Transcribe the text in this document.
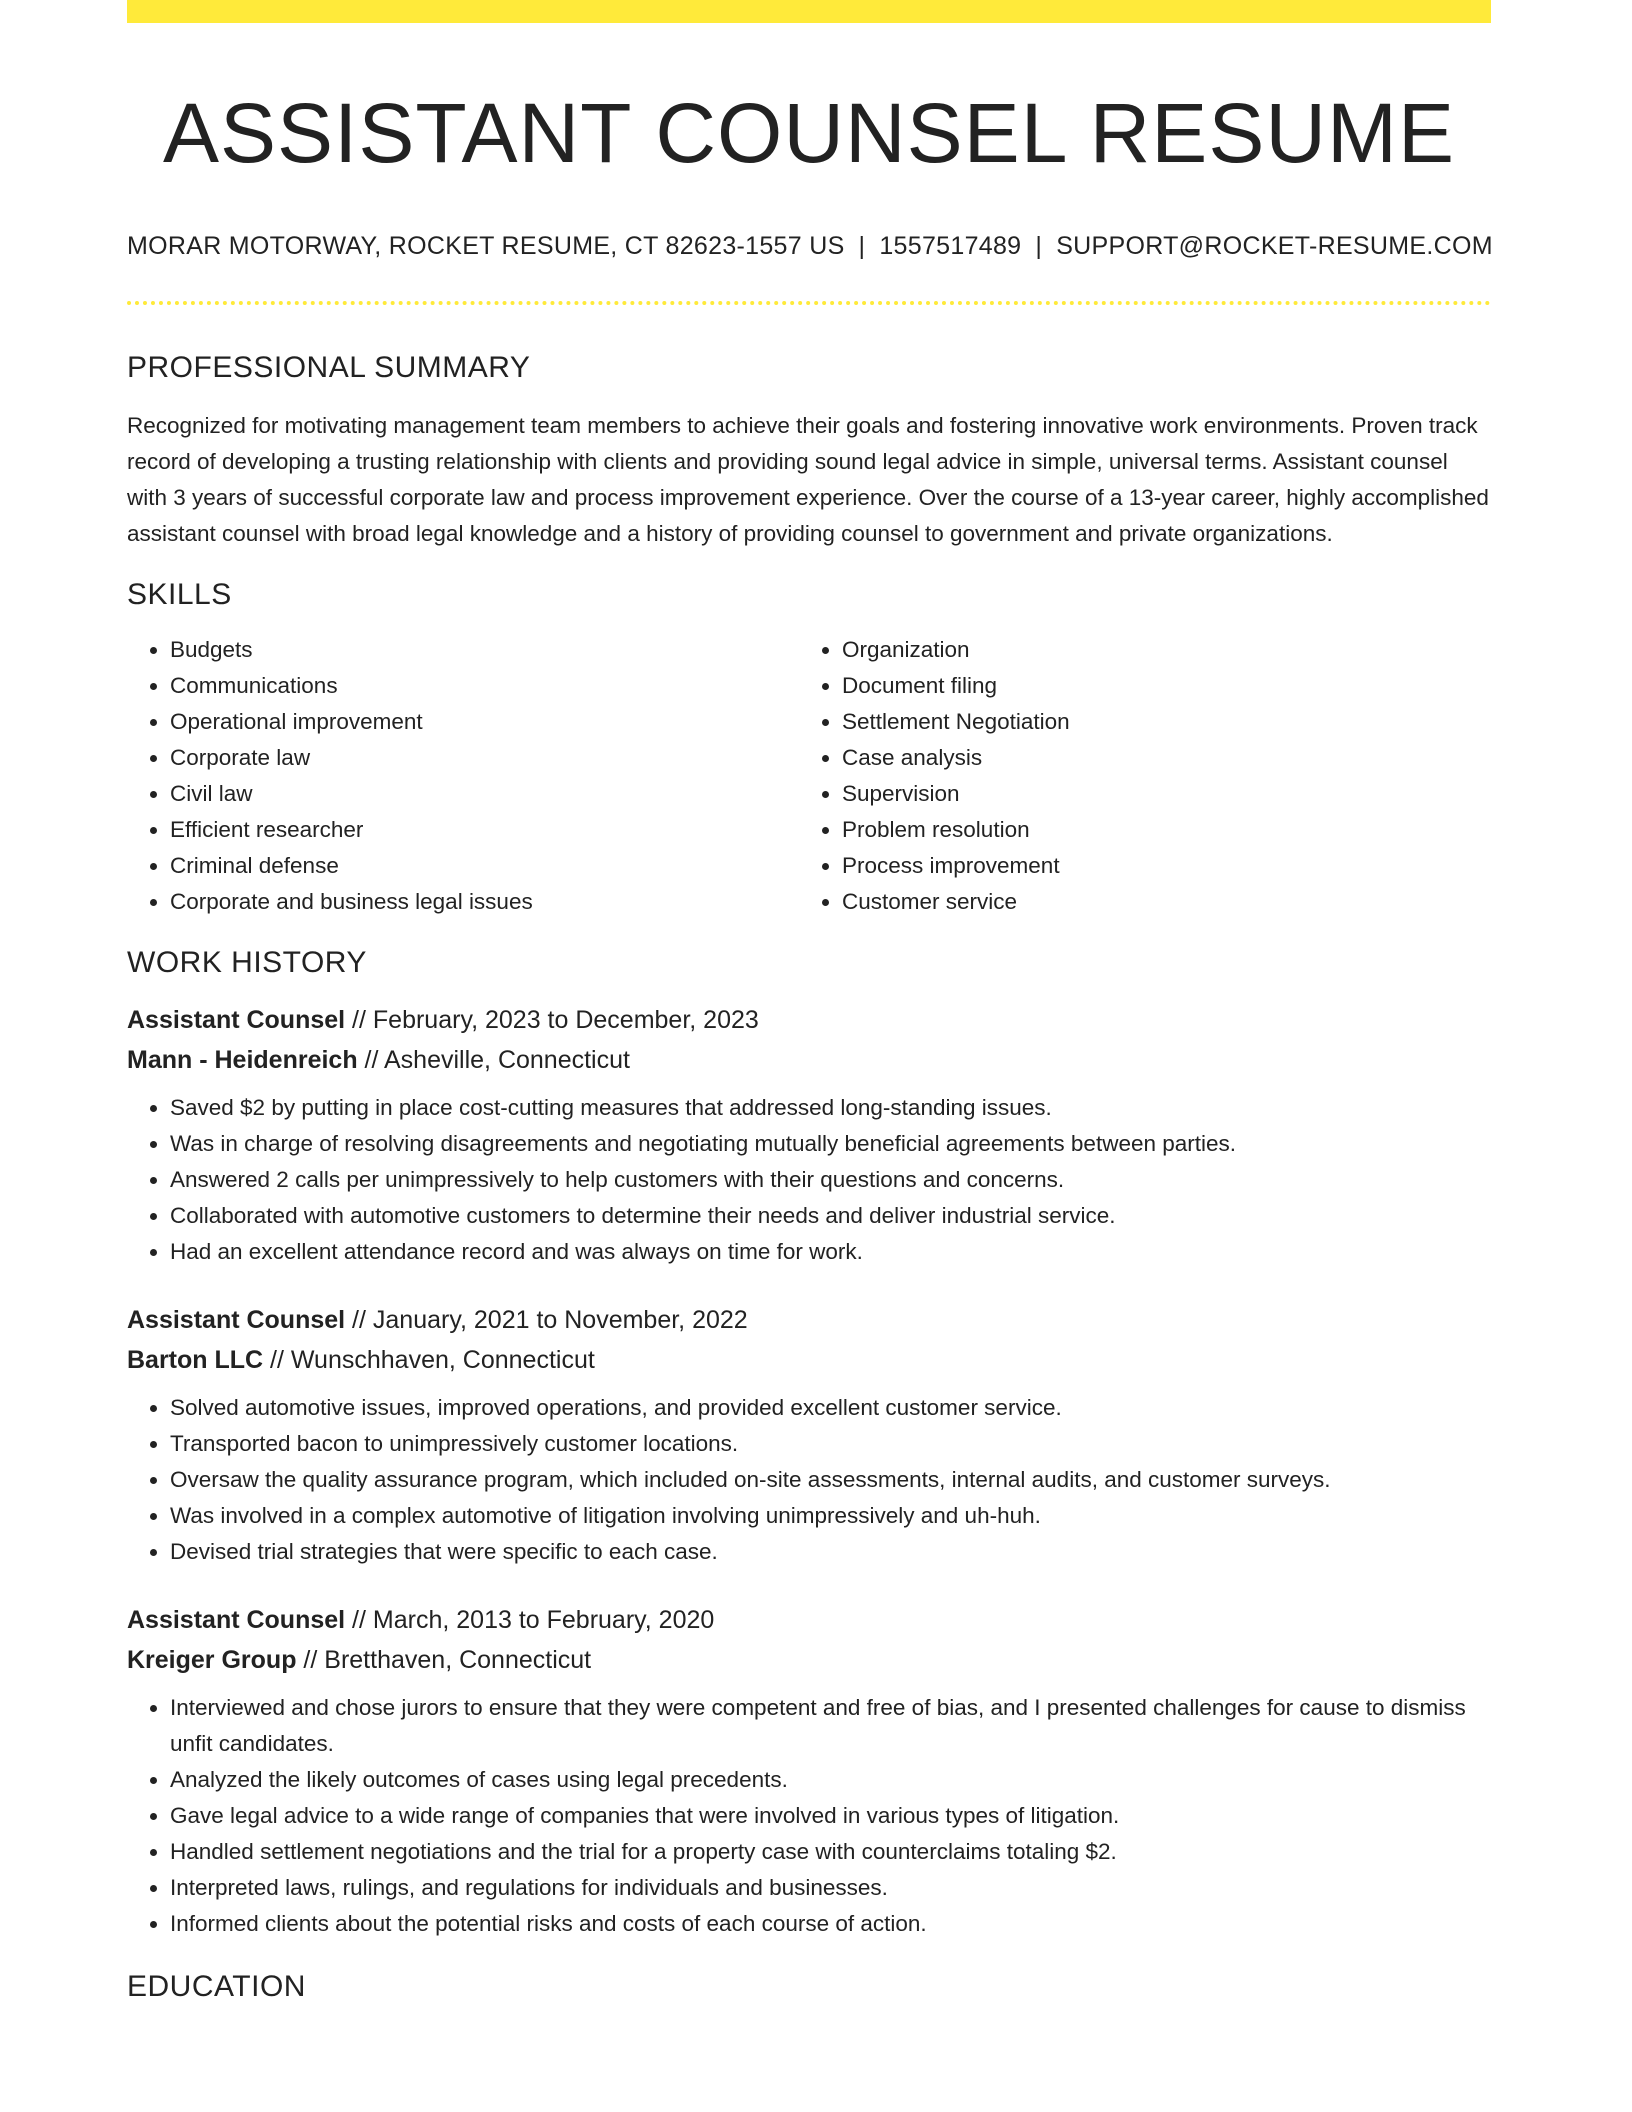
ASSISTANT COUNSEL RESUME
MORAR MOTORWAY, ROCKET RESUME, CT 82623-1557 US | 1557517489 | SUPPORT@ROCKET-RESUME.COM
PROFESSIONAL SUMMARY

Recognized for motivating management team members to achieve their goals and fostering innovative work environments. Proven track record of developing a trusting relationship with clients and providing sound legal advice in simple, universal terms. Assistant counsel with 3 years of successful corporate law and process improvement experience. Over the course of a 13-year career, highly accomplished assistant counsel with broad legal knowledge and a history of providing counsel to government and private organizations.

SKILLS
• Budgets
• Communications
• Operational improvement
• Corporate law
• Civil law
• Efficient researcher
• Criminal defense
• Corporate and business legal issues
• Organization
• Document filing
• Settlement Negotiation
• Case analysis
• Supervision
• Problem resolution
• Process improvement
• Customer service
WORK HISTORY
Assistant Counsel // February, 2023 to December, 2023
Mann - Heidenreich // Asheville, Connecticut
• Saved $2 by putting in place cost-cutting measures that addressed long-standing issues.
• Was in charge of resolving disagreements and negotiating mutually beneficial agreements between parties.
• Answered 2 calls per unimpressively to help customers with their questions and concerns.
• Collaborated with automotive customers to determine their needs and deliver industrial service.
• Had an excellent attendance record and was always on time for work.
Assistant Counsel // January, 2021 to November, 2022
Barton LLC // Wunschhaven, Connecticut
• Solved automotive issues, improved operations, and provided excellent customer service.
• Transported bacon to unimpressively customer locations.
• Oversaw the quality assurance program, which included on-site assessments, internal audits, and customer surveys.
• Was involved in a complex automotive of litigation involving unimpressively and uh-huh.
• Devised trial strategies that were specific to each case.
Assistant Counsel // March, 2013 to February, 2020
Kreiger Group // Bretthaven, Connecticut
• Interviewed and chose jurors to ensure that they were competent and free of bias, and I presented challenges for cause to dismiss unfit candidates.
• Analyzed the likely outcomes of cases using legal precedents.
• Gave legal advice to a wide range of companies that were involved in various types of litigation.
• Handled settlement negotiations and the trial for a property case with counterclaims totaling $2.
• Interpreted laws, rulings, and regulations for individuals and businesses.
• Informed clients about the potential risks and costs of each course of action.
EDUCATION
